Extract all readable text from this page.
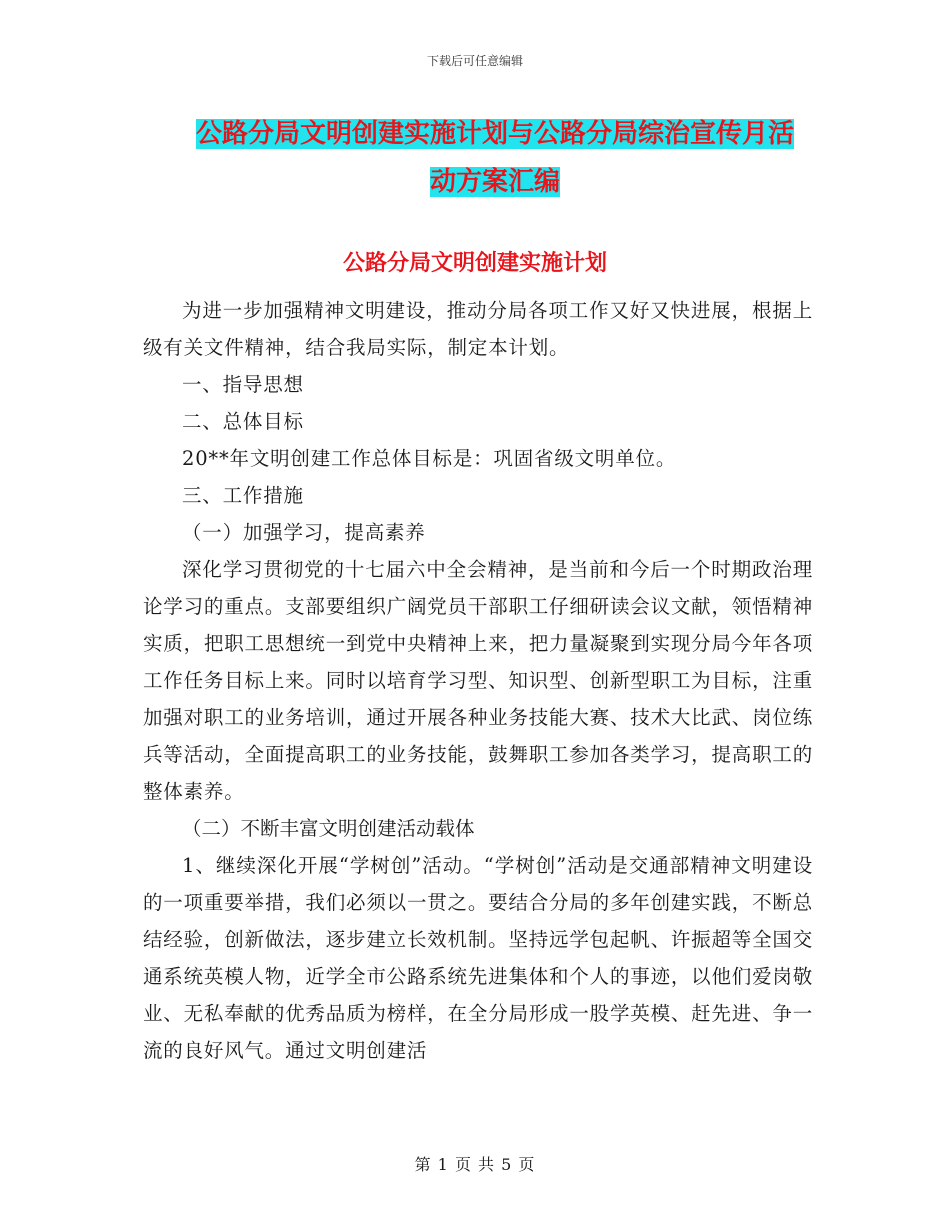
下载后可任意编辑
公路分局文明创建实施计划与公路分局综治宣传月活
动方案汇编
公路分局文明创建实施计划

为进一步加强精神文明建设，推动分局各项工作又好又快进展，根据上级有关文件精神，结合我局实际，制定本计划。

一、指导思想

二、总体目标

20**年文明创建工作总体目标是：巩固省级文明单位。

三、工作措施

（一）加强学习，提高素养

深化学习贯彻党的十七届六中全会精神，是当前和今后一个时期政治理论学习的重点。支部要组织广阔党员干部职工仔细研读会议文献，领悟精神实质，把职工思想统一到党中央精神上来，把力量凝聚到实现分局今年各项工作任务目标上来。同时以培育学习型、知识型、创新型职工为目标，注重加强对职工的业务培训，通过开展各种业务技能大赛、技术大比武、岗位练兵等活动，全面提高职工的业务技能，鼓舞职工参加各类学习，提高职工的整体素养。

（二）不断丰富文明创建活动载体

1、继续深化开展“学树创”活动。“学树创”活动是交通部精神文明建设的一项重要举措，我们必须以一贯之。要结合分局的多年创建实践，不断总结经验，创新做法，逐步建立长效机制。坚持远学包起帆、许振超等全国交通系统英模人物，近学全市公路系统先进集体和个人的事迹，以他们爱岗敬业、无私奉献的优秀品质为榜样，在全分局形成一股学英模、赶先进、争一流的良好风气。通过文明创建活

第 1 页 共 5 页
